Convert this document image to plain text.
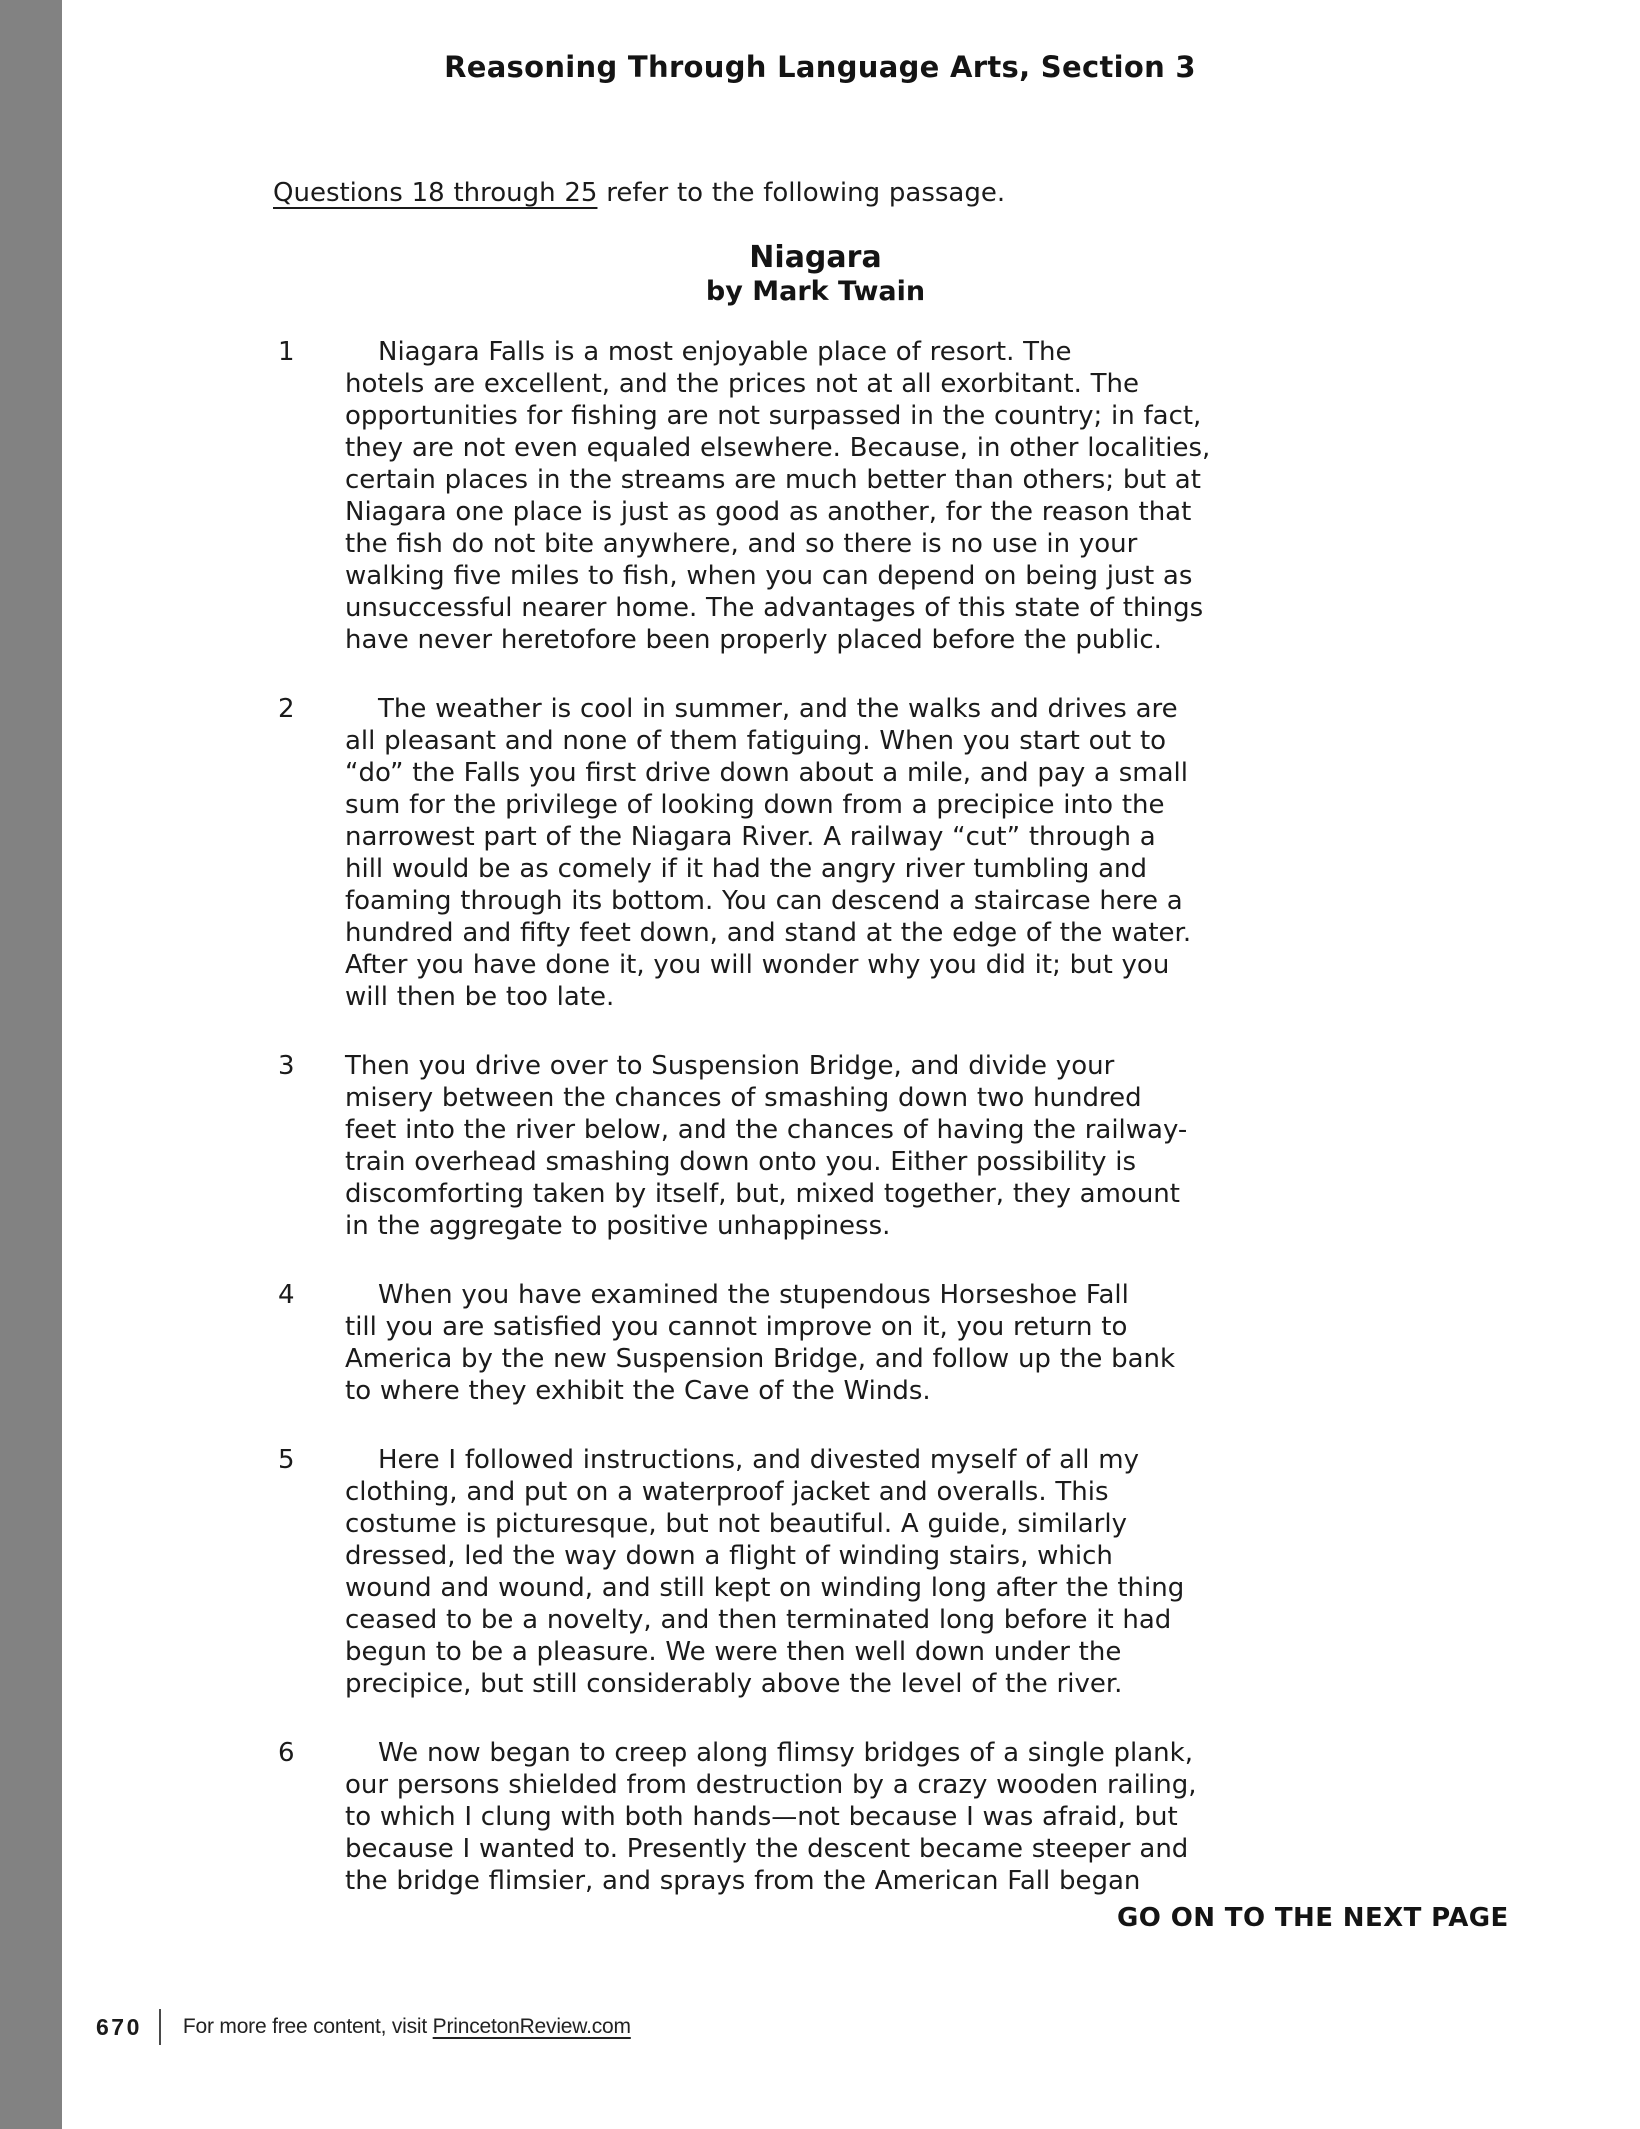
Reasoning Through Language Arts, Section 3
Questions 18 through 25 refer to the following passage.
Niagara
by Mark Twain
1	Niagara Falls is a most enjoyable place of resort. The
hotels are excellent, and the prices not at all exorbitant. The
opportunities for fishing are not surpassed in the country; in fact,
they are not even equaled elsewhere. Because, in other localities,
certain places in the streams are much better than others; but at
Niagara one place is just as good as another, for the reason that
the fish do not bite anywhere, and so there is no use in your
walking five miles to fish, when you can depend on being just as
unsuccessful nearer home. The advantages of this state of things
have never heretofore been properly placed before the public.
2	The weather is cool in summer, and the walks and drives are
all pleasant and none of them fatiguing. When you start out to
“do” the Falls you first drive down about a mile, and pay a small
sum for the privilege of looking down from a precipice into the
narrowest part of the Niagara River. A railway “cut” through a
hill would be as comely if it had the angry river tumbling and
foaming through its bottom. You can descend a staircase here a
hundred and fifty feet down, and stand at the edge of the water.
After you have done it, you will wonder why you did it; but you
will then be too late.
3	Then you drive over to Suspension Bridge, and divide your
misery between the chances of smashing down two hundred
feet into the river below, and the chances of having the railway-
train overhead smashing down onto you. Either possibility is
discomforting taken by itself, but, mixed together, they amount
in the aggregate to positive unhappiness.
4	When you have examined the stupendous Horseshoe Fall
till you are satisfied you cannot improve on it, you return to
America by the new Suspension Bridge, and follow up the bank
to where they exhibit the Cave of the Winds.
5	Here I followed instructions, and divested myself of all my
clothing, and put on a waterproof jacket and overalls. This
costume is picturesque, but not beautiful. A guide, similarly
dressed, led the way down a flight of winding stairs, which
wound and wound, and still kept on winding long after the thing
ceased to be a novelty, and then terminated long before it had
begun to be a pleasure. We were then well down under the
precipice, but still considerably above the level of the river.
6	We now began to creep along flimsy bridges of a single plank,
our persons shielded from destruction by a crazy wooden railing,
to which I clung with both hands—not because I was afraid, but
because I wanted to. Presently the descent became steeper and
the bridge flimsier, and sprays from the American Fall began
GO ON TO THE NEXT PAGE
670 For more free content, visit PrincetonReview.com
